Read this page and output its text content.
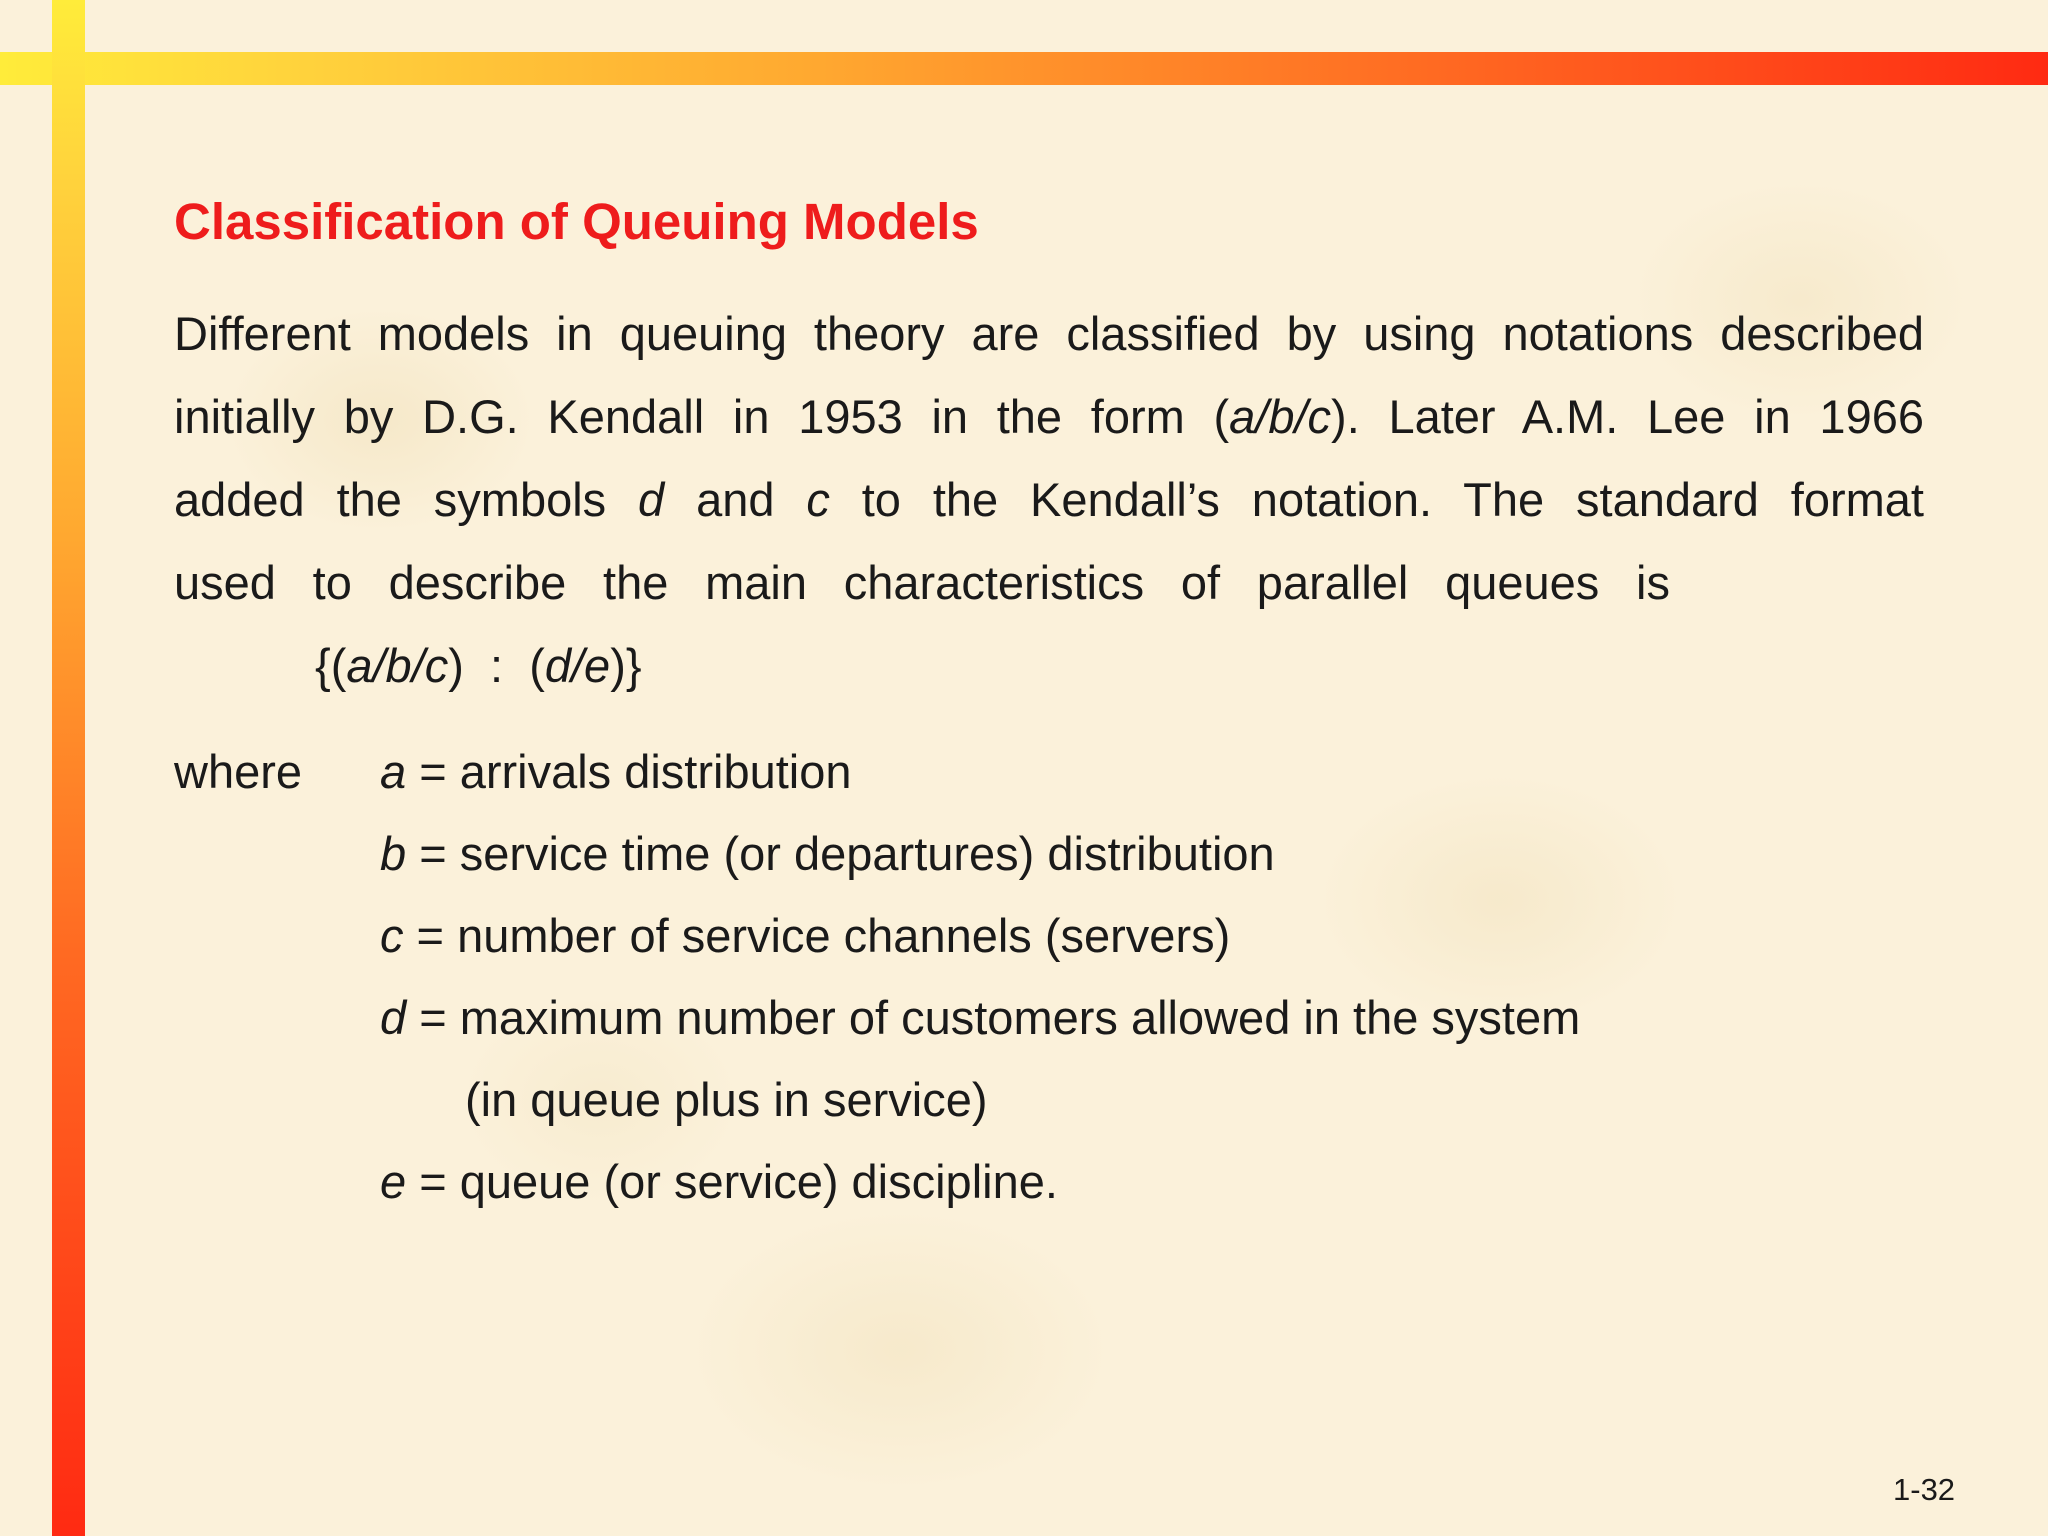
Classification of Queuing Models

Different models in queuing theory are classified by using notations described

initially by D.G. Kendall in 1953 in the form (a/b/c). Later A.M. Lee in 1966

added the symbols d and c to the Kendall’s notation. The standard format

used to describe the main characteristics of parallel queues is

{(a/b/c)  :  (d/e)}

where a = arrivals distribution

b = service time (or departures) distribution

c = number of service channels (servers)

d = maximum number of customers allowed in the system

(in queue plus in service)

e = queue (or service) discipline.

1-32
